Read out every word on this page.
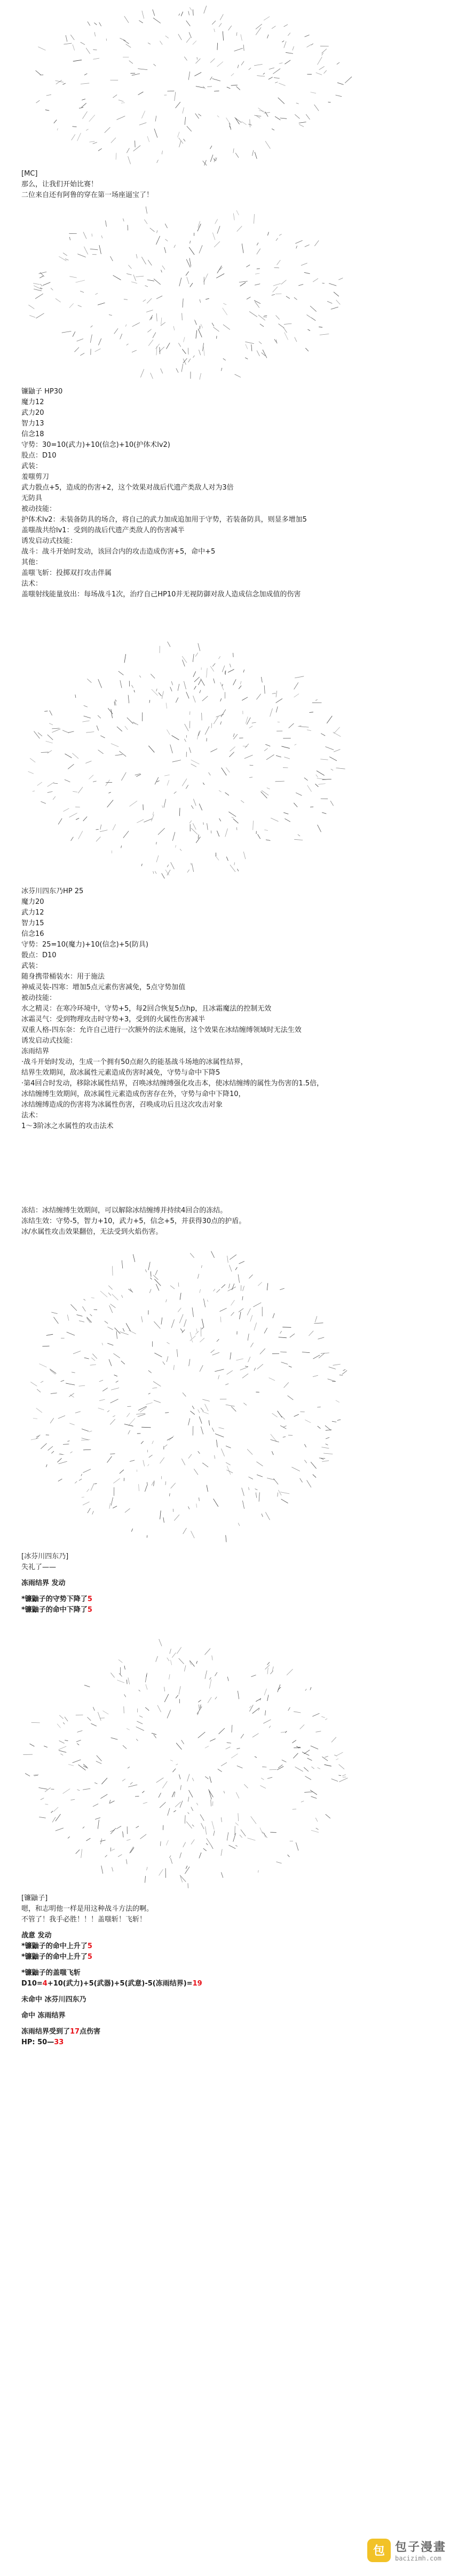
[MC]
那么，让我们开始比赛！
二位来自还有阿鲁的穿在第一场座逼宝了！
镰鼬子 HP30
魔力12
武力20
智力13
信念18
守势：30=10(武力)+10(信念)+10(护体术lv2)
股点：D10
武装：
羞嗤剪刀
武力骰点+5，造成的伤害+2，这个效果对战后代遗产类敌人对为3倍
无防具
被动技能：
护体术lv2：未装备防具的场合，将自己的武力加成追加用于守势，若装备防具，则显多增加5
盖嗤战共给lv1：受到的战后代遗产类敌人的伤害减半
诱发启动式技能：
战斗：战斗开始时发动，该回合内的攻击造成伤害+5，命中+5
其他：
盖嗤飞斩：投掷双打攻击伴属
法术：
盖嗤射线能量放出：每场战斗1次，治疗自己HP10并无视防御对敌人造成信念加成值的伤害
冰芬川四东乃HP 25
魔力20
武力12
智力15
信念16
守势：25=10(魔力)+10(信念)+5(防具)
骰点：D10
武装：
随身携带桶装水：用于施法
神威灵装-四寒：增加5点元素伤害减免，5点守势加值
被动技能：
水之精灵：在寒冷环境中，守势+5，每2回合恢复5点hp，且冰霜魔法的控制无效
冰霜灵气：受到物理攻击时守势+3，受到的火属性伤害减半
双重人格-四东奈：允许自己进行一次额外的法术施展，这个效果在冰结缠缚领域时无法生效
诱发启动式技能：
冻雨结界
·战斗开始时发动，生成一个拥有50点耐久的能基战斗场地的冰属性结界，
结界生效期间，敌冰属性元素造成伤害时减免，守势与命中下降5
·第4回合时发动，移除冰属性结界，召唤冰结缠缚强化攻击本，使冰结缠缚的属性为伤害的1.5倍，
冰结缠缚生效期间，敌冰属性元素造成伤害存在外，守势与命中下降10，
冰结缠缚造成的伤害将为冰属性伤害，召唤成功后且这次攻击对象
法术：
1～3阶冰之水属性的攻击法术
冻结：冰结缠缚生效期间，可以解除冰结缠缚并持续4回合的冻结。
冻结生效：守势-5，智力+10，武力+5，信念+5，并获得30点的护盾。
冰/水属性攻击效果翻倍，无法受到火焰伤害。
[冰芬川四东乃]
失礼了——
冻雨结界 发动
*镰鼬子的守势下降了5
*镰鼬子的命中下降了5
[镰鼬子]
嗯，和志明他一样是用这种战斗方法的啊。
不管了！我手必胜！！！盖嗤斩！飞斩！
战意 发动
*镰鼬子的命中上升了5
*镰鼬子的命中上升了5
*镰鼬子的盖嗤飞斩
D10=4+10(武力)+5(武器)+5(武意)-5(冻雨结界)=19
未命中 冰芬川四东乃
命中 冻雨结界
冻雨结界受到了17点伤害
HP: 50—33
包 包子漫畫
bacizimh.com
